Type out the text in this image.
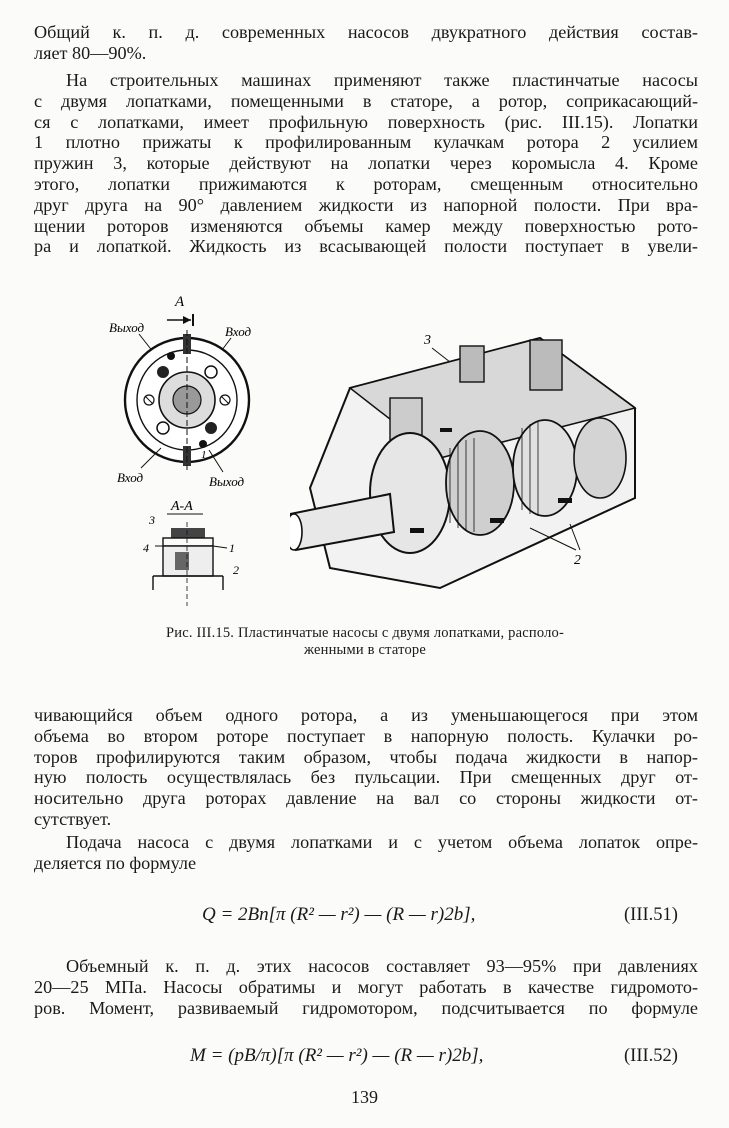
Общий к. п. д. современных насосов двукратного действия состав-
ляет 80—90%.

На строительных машинах применяют также пластинчатые насосы
с двумя лопатками, помещенными в статоре, а ротор, соприкасающий-
ся с лопатками, имеет профильную поверхность (рис. III.15). Лопатки
1 плотно прижаты к профилированным кулачкам ротора 2 усилием
пружин 3, которые действуют на лопатки через коромысла 4. Кроме
этого, лопатки прижимаются к роторам, смещенным относительно
друг друга на 90° давлением жидкости из напорной полости. При вра-
щении роторов изменяются объемы камер между поверхностью рото-
ра и лопаткой. Жидкость из всасывающей полости поступает в увели-

A
Выход	Вход
1
Вход	Выход
А-А
3
4	1
2
3
2
Рис. III.15. Пластинчатые насосы с двумя лопатками, располо-
женными в статоре

чивающийся объем одного ротора, а из уменьшающегося при этом
объема во втором роторе поступает в напорную полость. Кулачки ро-
торов профилируются таким образом, чтобы подача жидкости в напор-
ную полость осуществлялась без пульсации. При смещенных друг от-
носительно друга роторах давление на вал со стороны жидкости от-
сутствует.

Подача насоса с двумя лопатками и с учетом объема лопаток опре-
деляется по формуле

Q = 2Bn[π (R² — r²) — (R — r)2b],	(III.51)

Объемный к. п. д. этих насосов составляет 93—95% при давлениях
20—25 МПа. Насосы обратимы и могут работать в качестве гидромото-
ров. Момент, развиваемый гидромотором, подсчитывается по формуле

M = (pB/π)[π (R² — r²) — (R — r)2b],	(III.52)
139
